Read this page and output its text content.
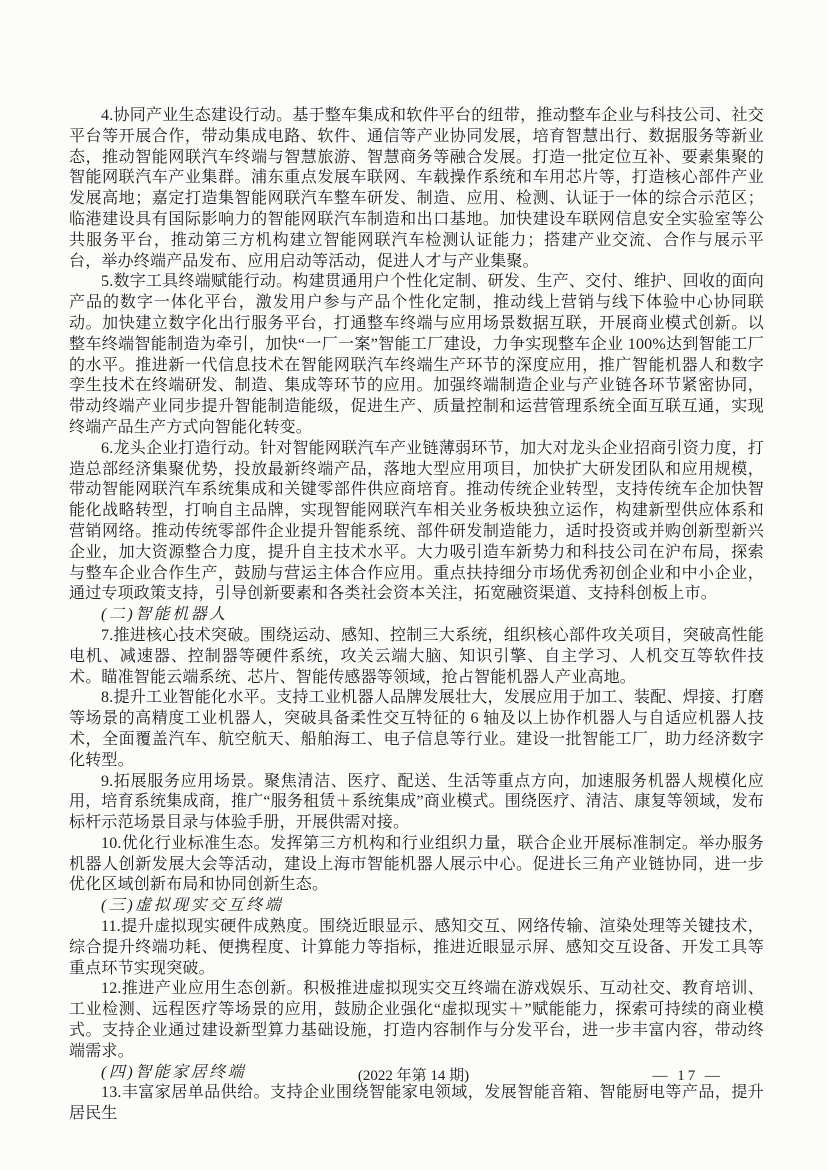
4.协同产业生态建设行动。基于整车集成和软件平台的纽带，推动整车企业与科技公司、社交平台等开展合作，带动集成电路、软件、通信等产业协同发展，培育智慧出行、数据服务等新业态，推动智能网联汽车终端与智慧旅游、智慧商务等融合发展。打造一批定位互补、要素集聚的智能网联汽车产业集群。浦东重点发展车联网、车载操作系统和车用芯片等，打造核心部件产业发展高地；嘉定打造集智能网联汽车整车研发、制造、应用、检测、认证于一体的综合示范区；临港建设具有国际影响力的智能网联汽车制造和出口基地。加快建设车联网信息安全实验室等公共服务平台，推动第三方机构建立智能网联汽车检测认证能力；搭建产业交流、合作与展示平台，举办终端产品发布、应用启动等活动，促进人才与产业集聚。

5.数字工具终端赋能行动。构建贯通用户个性化定制、研发、生产、交付、维护、回收的面向产品的数字一体化平台，激发用户参与产品个性化定制，推动线上营销与线下体验中心协同联动。加快建立数字化出行服务平台，打通整车终端与应用场景数据互联，开展商业模式创新。以整车终端智能制造为牵引，加快“一厂一案”智能工厂建设，力争实现整车企业 100%达到智能工厂的水平。推进新一代信息技术在智能网联汽车终端生产环节的深度应用，推广智能机器人和数字孪生技术在终端研发、制造、集成等环节的应用。加强终端制造企业与产业链各环节紧密协同，带动终端产业同步提升智能制造能级，促进生产、质量控制和运营管理系统全面互联互通，实现终端产品生产方式向智能化转变。

6.龙头企业打造行动。针对智能网联汽车产业链薄弱环节，加大对龙头企业招商引资力度，打造总部经济集聚优势，投放最新终端产品，落地大型应用项目，加快扩大研发团队和应用规模，带动智能网联汽车系统集成和关键零部件供应商培育。推动传统企业转型，支持传统车企加快智能化战略转型，打响自主品牌，实现智能网联汽车相关业务板块独立运作，构建新型供应体系和营销网络。推动传统零部件企业提升智能系统、部件研发制造能力，适时投资或并购创新型新兴企业，加大资源整合力度，提升自主技术水平。大力吸引造车新势力和科技公司在沪布局，探索与整车企业合作生产，鼓励与营运主体合作应用。重点扶持细分市场优秀初创企业和中小企业，通过专项政策支持，引导创新要素和各类社会资本关注，拓宽融资渠道、支持科创板上市。

(二)智能机器人

7.推进核心技术突破。围绕运动、感知、控制三大系统，组织核心部件攻关项目，突破高性能电机、减速器、控制器等硬件系统，攻关云端大脑、知识引擎、自主学习、人机交互等软件技术。瞄准智能云端系统、芯片、智能传感器等领域，抢占智能机器人产业高地。

8.提升工业智能化水平。支持工业机器人品牌发展壮大，发展应用于加工、装配、焊接、打磨等场景的高精度工业机器人，突破具备柔性交互特征的 6 轴及以上协作机器人与自适应机器人技术，全面覆盖汽车、航空航天、船舶海工、电子信息等行业。建设一批智能工厂，助力经济数字化转型。

9.拓展服务应用场景。聚焦清洁、医疗、配送、生活等重点方向，加速服务机器人规模化应用，培育系统集成商，推广“服务租赁＋系统集成”商业模式。围绕医疗、清洁、康复等领域，发布标杆示范场景目录与体验手册，开展供需对接。

10.优化行业标准生态。发挥第三方机构和行业组织力量，联合企业开展标准制定。举办服务机器人创新发展大会等活动，建设上海市智能机器人展示中心。促进长三角产业链协同，进一步优化区域创新布局和协同创新生态。

(三)虚拟现实交互终端

11.提升虚拟现实硬件成熟度。围绕近眼显示、感知交互、网络传输、渲染处理等关键技术，综合提升终端功耗、便携程度、计算能力等指标，推进近眼显示屏、感知交互设备、开发工具等重点环节实现突破。

12.推进产业应用生态创新。积极推进虚拟现实交互终端在游戏娱乐、互动社交、教育培训、工业检测、远程医疗等场景的应用，鼓励企业强化“虚拟现实＋”赋能能力，探索可持续的商业模式。支持企业通过建设新型算力基础设施，打造内容制作与分发平台，进一步丰富内容，带动终端需求。

(四)智能家居终端

13.丰富家居单品供给。支持企业围绕智能家电领域，发展智能音箱、智能厨电等产品，提升居民生

(2022 年第 14 期)	— 17 —
